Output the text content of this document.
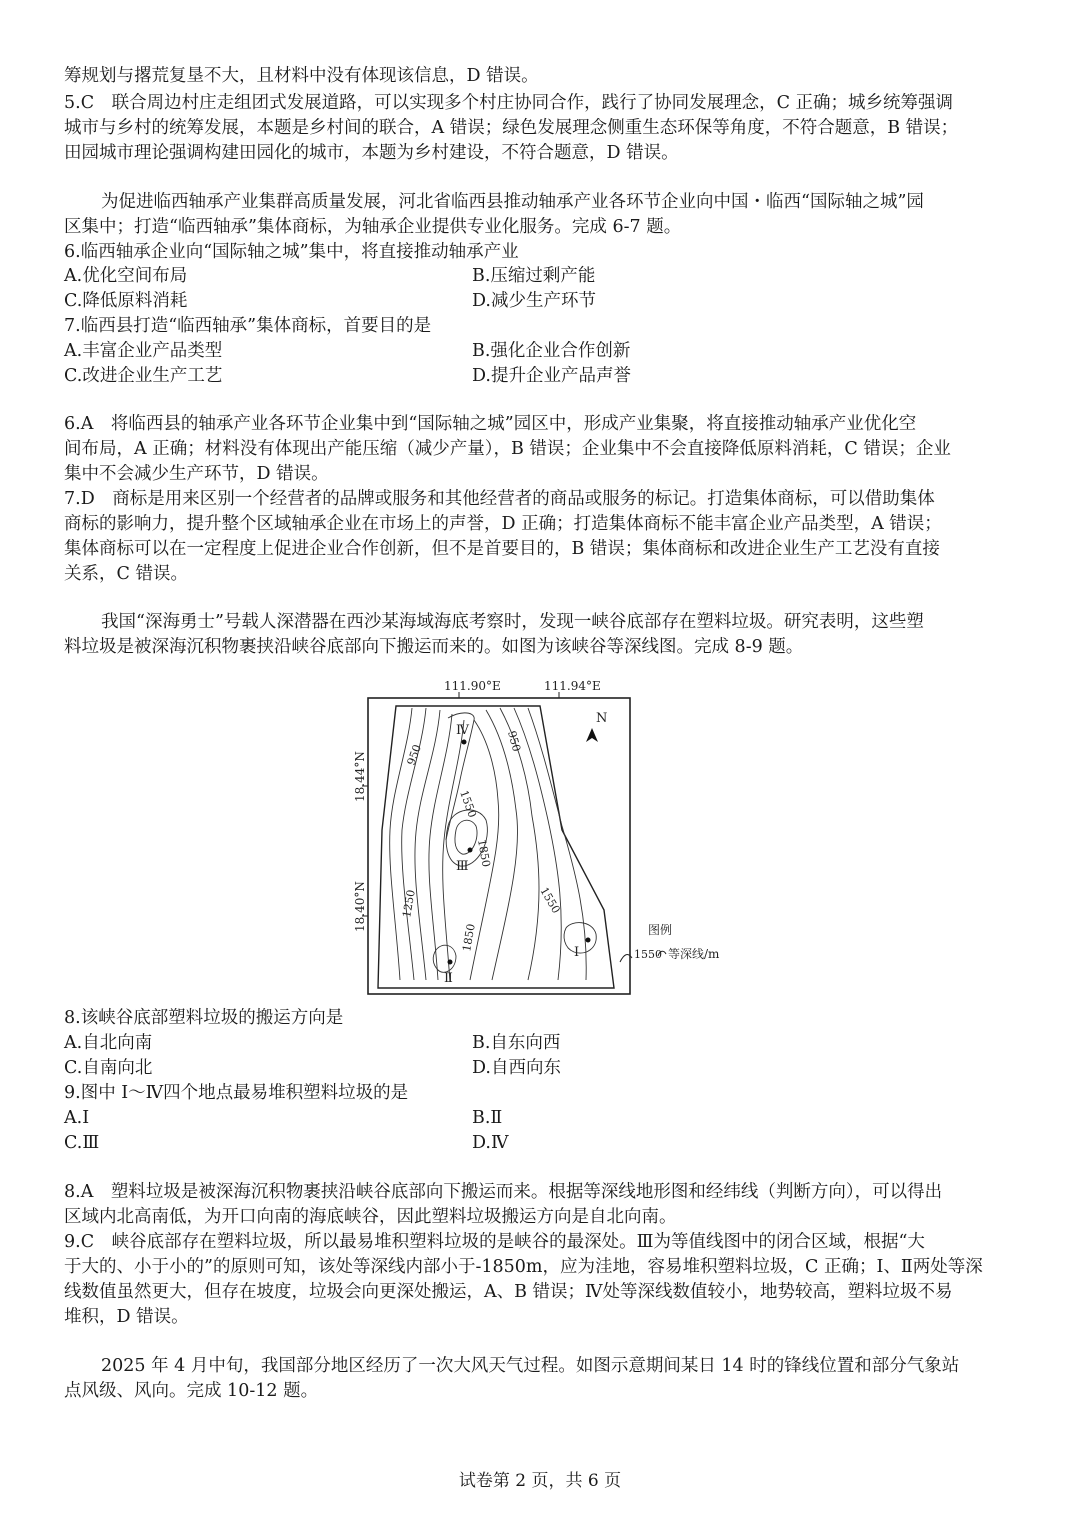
筹规划与撂荒复垦不大，且材料中没有体现该信息，D 错误。
5.C　联合周边村庄走组团式发展道路，可以实现多个村庄协同合作，践行了协同发展理念，C 正确；城乡统筹强调
城市与乡村的统筹发展，本题是乡村间的联合，A 错误；绿色发展理念侧重生态环保等角度，不符合题意，B 错误；
田园城市理论强调构建田园化的城市，本题为乡村建设，不符合题意，D 错误。
为促进临西轴承产业集群高质量发展，河北省临西县推动轴承产业各环节企业向中国・临西“国际轴之城”园
区集中；打造“临西轴承”集体商标，为轴承企业提供专业化服务。完成 6-7 题。
6.临西轴承企业向“国际轴之城”集中，将直接推动轴承产业
A.优化空间布局	B.压缩过剩产能
C.降低原料消耗	D.减少生产环节
7.临西县打造“临西轴承”集体商标，首要目的是
A.丰富企业产品类型	B.强化企业合作创新
C.改进企业生产工艺	D.提升企业产品声誉
6.A　将临西县的轴承产业各环节企业集中到“国际轴之城”园区中，形成产业集聚，将直接推动轴承产业优化空
间布局，A 正确；材料没有体现出产能压缩（减少产量），B 错误；企业集中不会直接降低原料消耗，C 错误；企业
集中不会减少生产环节，D 错误。
7.D　商标是用来区别一个经营者的品牌或服务和其他经营者的商品或服务的标记。打造集体商标，可以借助集体
商标的影响力，提升整个区域轴承企业在市场上的声誉，D 正确；打造集体商标不能丰富企业产品类型，A 错误；
集体商标可以在一定程度上促进企业合作创新，但不是首要目的，B 错误；集体商标和改进企业生产工艺没有直接
关系，C 错误。
我国“深海勇士”号载人深潜器在西沙某海域海底考察时，发现一峡谷底部存在塑料垃圾。研究表明，这些塑
料垃圾是被深海沉积物裹挟沿峡谷底部向下搬运而来的。如图为该峡谷等深线图。完成 8-9 题。
8.该峡谷底部塑料垃圾的搬运方向是
A.自北向南	B.自东向西
C.自南向北	D.自西向东
9.图中 I～Ⅳ四个地点最易堆积塑料垃圾的是
A.Ⅰ	B.Ⅱ
C.Ⅲ	D.Ⅳ
8.A　塑料垃圾是被深海沉积物裹挟沿峡谷底部向下搬运而来。根据等深线地形图和经纬线（判断方向），可以得出
区域内北高南低，为开口向南的海底峡谷，因此塑料垃圾搬运方向是自北向南。
9.C　峡谷底部存在塑料垃圾，所以最易堆积塑料垃圾的是峡谷的最深处。Ⅲ为等值线图中的闭合区域，根据“大
于大的、小于小的”的原则可知，该处等深线内部小于-1850m，应为洼地，容易堆积塑料垃圾，C 正确；Ⅰ、Ⅱ两处等深
线数值虽然更大，但存在坡度，垃圾会向更深处搬运，A、B 错误；Ⅳ处等深线数值较小，地势较高，塑料垃圾不易
堆积，D 错误。
2025 年 4 月中旬，我国部分地区经历了一次大风天气过程。如图示意期间某日 14 时的锋线位置和部分气象站
点风级、风向。完成 10-12 题。
111.90°E	111.94°E
18.44°N
18.40°N
N
950
950
1550
1850
1250	1550
1850
Ⅳ
Ⅲ
Ⅱ
Ⅰ
图例
1550 等深线/m
试卷第 2 页，共 6 页
